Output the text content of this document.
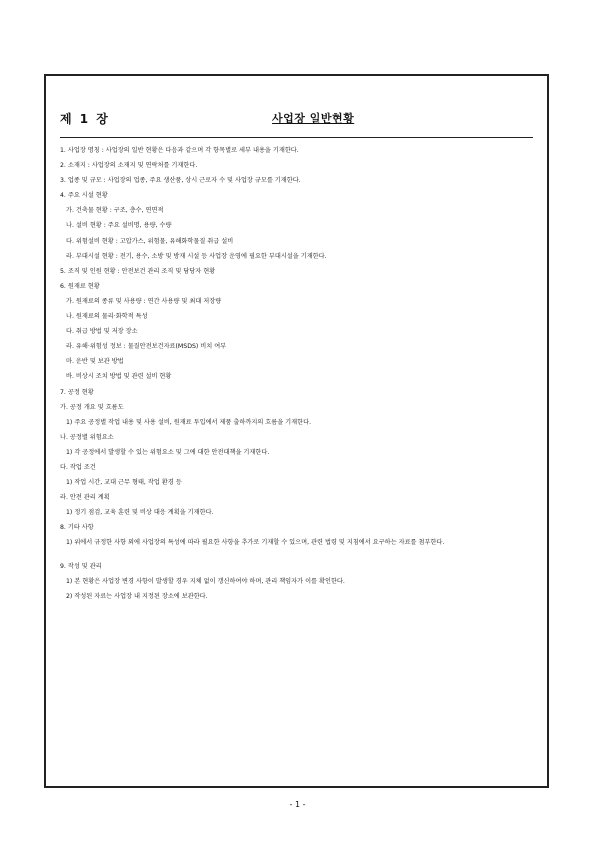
제 1 장	사업장 일반현황

1. 사업장 명칭 : 사업장의 일반 현황은 다음과 같으며 각 항목별로 세부 내용을 기재한다.

2. 소재지 : 사업장의 소재지 및 연락처를 기재한다.

3. 업종 및 규모 : 사업장의 업종, 주요 생산품, 상시 근로자 수 및 사업장 규모를 기재한다.

4. 주요 시설 현황

가. 건축물 현황 : 구조, 층수, 연면적

나. 설비 현황 : 주요 설비명, 용량, 수량

다. 위험설비 현황 : 고압가스, 위험물, 유해화학물질 취급 설비

라. 부대시설 현황 : 전기, 용수, 소방 및 방재 시설 등 사업장 운영에 필요한 부대시설을 기재한다.

5. 조직 및 인원 현황 : 안전보건 관리 조직 및 담당자 현황

6. 원재료 현황

가. 원재료의 종류 및 사용량 : 연간 사용량 및 최대 저장량

나. 원재료의 물리·화학적 특성

다. 취급 방법 및 저장 장소

라. 유해·위험성 정보 : 물질안전보건자료(MSDS) 비치 여부

마. 운반 및 보관 방법

바. 비상시 조치 방법 및 관련 설비 현황

7. 공정 현황

가. 공정 개요 및 흐름도

1) 주요 공정별 작업 내용 및 사용 설비, 원재료 투입에서 제품 출하까지의 흐름을 기재한다.

나. 공정별 위험요소

1) 각 공정에서 발생할 수 있는 위험요소 및 그에 대한 안전대책을 기재한다.

다. 작업 조건

1) 작업 시간, 교대 근무 형태, 작업 환경 등

라. 안전 관리 계획

1) 정기 점검, 교육 훈련 및 비상 대응 계획을 기재한다.

8. 기타 사항

1) 위에서 규정한 사항 외에 사업장의 특성에 따라 필요한 사항을 추가로 기재할 수 있으며, 관련 법령 및 지침에서 요구하는 자료를 첨부한다.

9. 작성 및 관리

1) 본 현황은 사업장 변경 사항이 발생할 경우 지체 없이 갱신하여야 하며, 관리 책임자가 이를 확인한다.

2) 작성된 자료는 사업장 내 지정된 장소에 보관한다.

- 1 -
